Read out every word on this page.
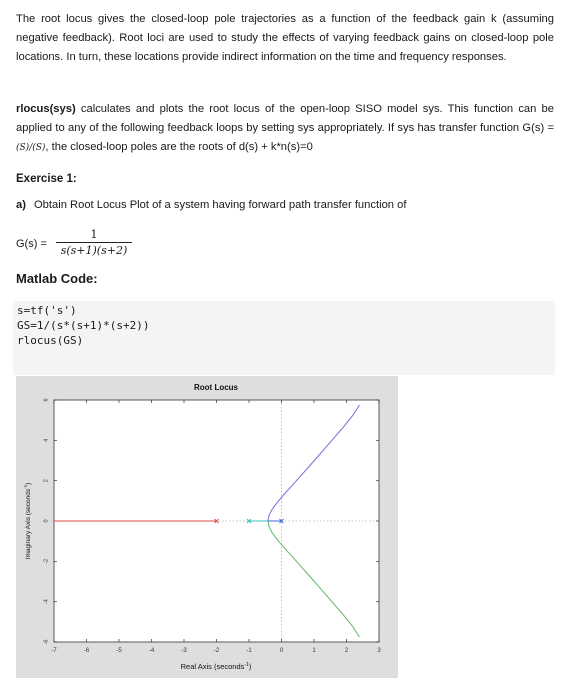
The root locus gives the closed-loop pole trajectories as a function of the feedback gain k (assuming negative feedback). Root loci are used to study the effects of varying feedback gains on closed-loop pole locations. In turn, these locations provide indirect information on the time and frequency responses.
rlocus(sys) calculates and plots the root locus of the open-loop SISO model sys. This function can be applied to any of the following feedback loops by setting sys appropriately. If sys has transfer function G(s) = (S)/(S), the closed-loop poles are the roots of d(s) + k*n(s)=0
Exercise 1:
a) Obtain Root Locus Plot of a system having forward path transfer function of
G(s) =
1
s(s+1)(s+2)
Matlab Code:
s=tf('s')
GS=1/(s*(s+1)*(s+2))
rlocus(GS)
-7	-6	-5	-4	-3	-2	-1	0	1	2	3
-6
-4
-2
0
2
4
6
Root Locus
Real Axis (seconds$^{-1}$)
Imaginary Axis (seconds$^{-1}$)
